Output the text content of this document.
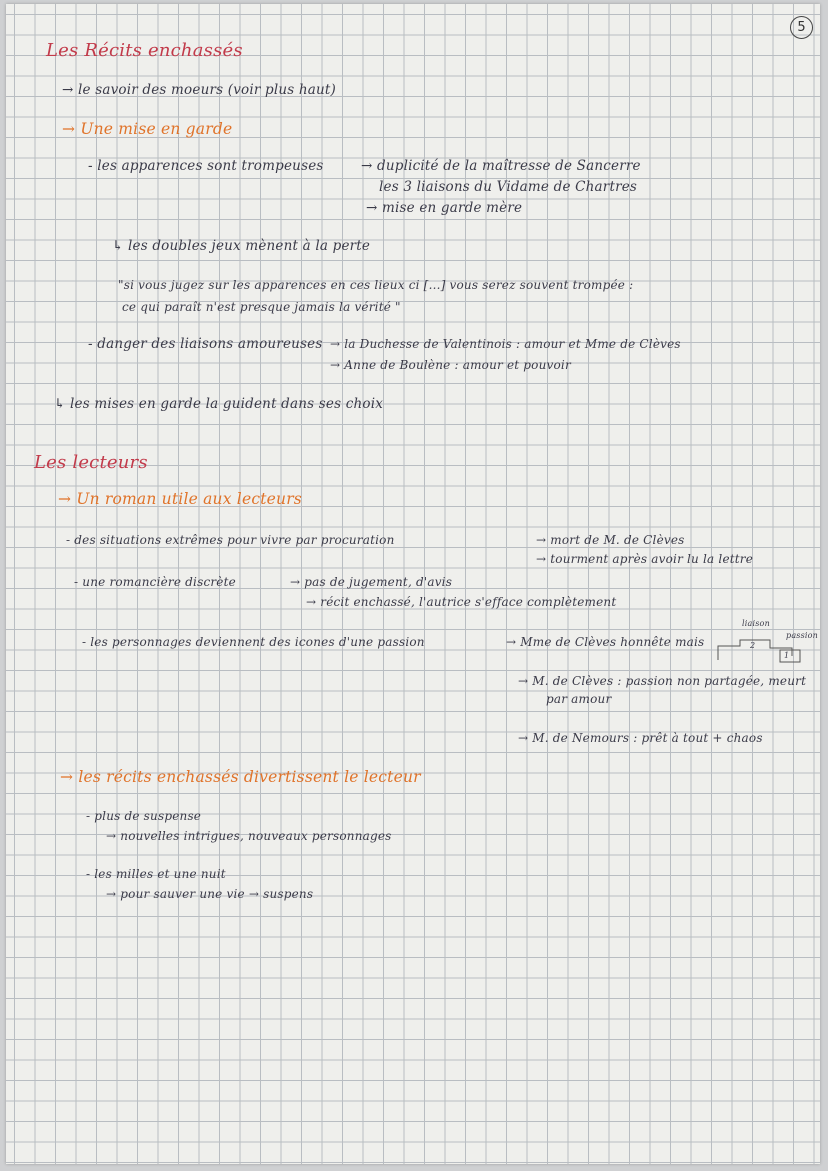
5
Les Récits enchassés
→ le savoir des moeurs (voir plus haut)
→ Une mise en garde
- les apparences sont trompeuses	→ duplicité de la maîtresse de Sancerre
les 3 liaisons du Vidame de Chartres
→ mise en garde mère
↳ les doubles jeux mènent à la perte
"si vous jugez sur les apparences en ces lieux ci [...] vous serez souvent trompée :
ce qui paraît n'est presque jamais la vérité "
- danger des liaisons amoureuses → la Duchesse de Valentinois : amour et Mme de Clèves
→ Anne de Boulène : amour et pouvoir
↳ les mises en garde la guident dans ses choix
Les lecteurs
→ Un roman utile aux lecteurs
- des situations extrêmes pour vivre par procuration	→ mort de M. de Clèves
→ tourment après avoir lu la lettre
- une romancière discrète	→ pas de jugement, d'avis
→ récit enchassé, l'autrice s'efface complètement
- les personnages deviennent des icones d'une passion	→ Mme de Clèves honnête mais
→ M. de Clèves : passion non partagée, meurt
par amour
→ M. de Nemours : prêt à tout + chaos
liaison
passion
2
1
→ les récits enchassés divertissent le lecteur
- plus de suspense
→ nouvelles intrigues, nouveaux personnages
- les milles et une nuit
→ pour sauver une vie → suspens
